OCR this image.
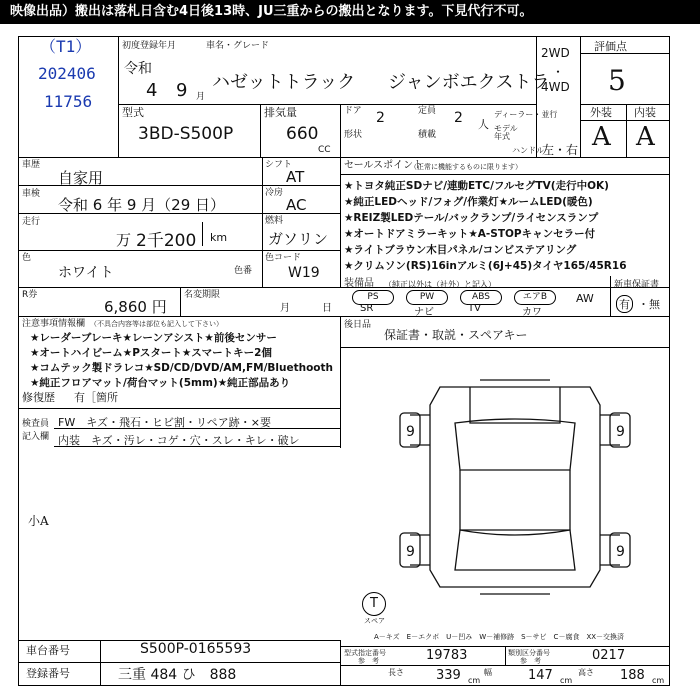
映像出品）搬出は落札日含む4日後13時、JU三重からの搬出となります。下見代行不可。
（T1）
202406
11756
初度登録年月	車名・グレード
令和
4 9 月
ハゼットトラック ジャンボエクストラ
2WD
・
4WD
評価点
5
外装 内装
A A
型式
3BD-S500P
排気量
660
CC
ドア 2	定員 2 人
ディーラー・並行
形状	積載
モデル
年式
ハンドル
左・右
車歴
自家用
車検
令和 6 年 9 月（29 日）
走行
万 2千200 km
色
ホワイト	色番
シフト
AT
冷房
AC
燃料
ガソリン
色コード
W19
セールスポイント
（正常に機能するものに限ります）
★トヨタ純正SDナビ/連動ETC/フルセグTV(走行中OK)
★純正LEDヘッド/フォグ/作業灯★ルームLED(暖色)
★REIZ製LEDテール/バックランプ/ライセンスランプ
★オートドアミラーキット★A-STOPキャンセラー付
★ライトブラウン木目パネル/コンビステアリング
★クリムソン(RS)16inアルミ(6J+45)タイヤ165/45R16
R券
6,860 円
名変期限
月	日
装備品 （純正以外は（社外）と記入）
PS
SR
PW
ナビ
ABS
TV
エアB
カワ
AW
新車保証書
有 ・無
注意事項情報欄 （不具合内容等は部位も記入して下さい）
★レーダーブレーキ★レーンアシスト★前後センサー
★オートハイビーム★Pスタート★スマートキー2個
★コムテック製ドラレコ★SD/CD/DVD/AM,FM/Bluethooth
★純正フロアマット/荷台マット(5mm)★純正部品あり
修復歴 有［箇所
後日品
保証書・取説・スペアキー
検査員
記入欄
FW　キズ・飛石・ヒビ割・リペア跡・×要
内装　キズ・汚レ・コゲ・穴・スレ・キレ・破レ
小A
9	9
9	9
T
スペア
A－キズ　E－エクボ　U－凹み　W－補修跡　S－サビ　C－腐食　XX－交換済
車台番号	S500P-0165593
登録番号	三重 484 ひ　888
型式指定番号
参　考	19783	類別区分番号
参　考	0217
長さ 339 cm
幅	147 cm
高さ 188 cm
